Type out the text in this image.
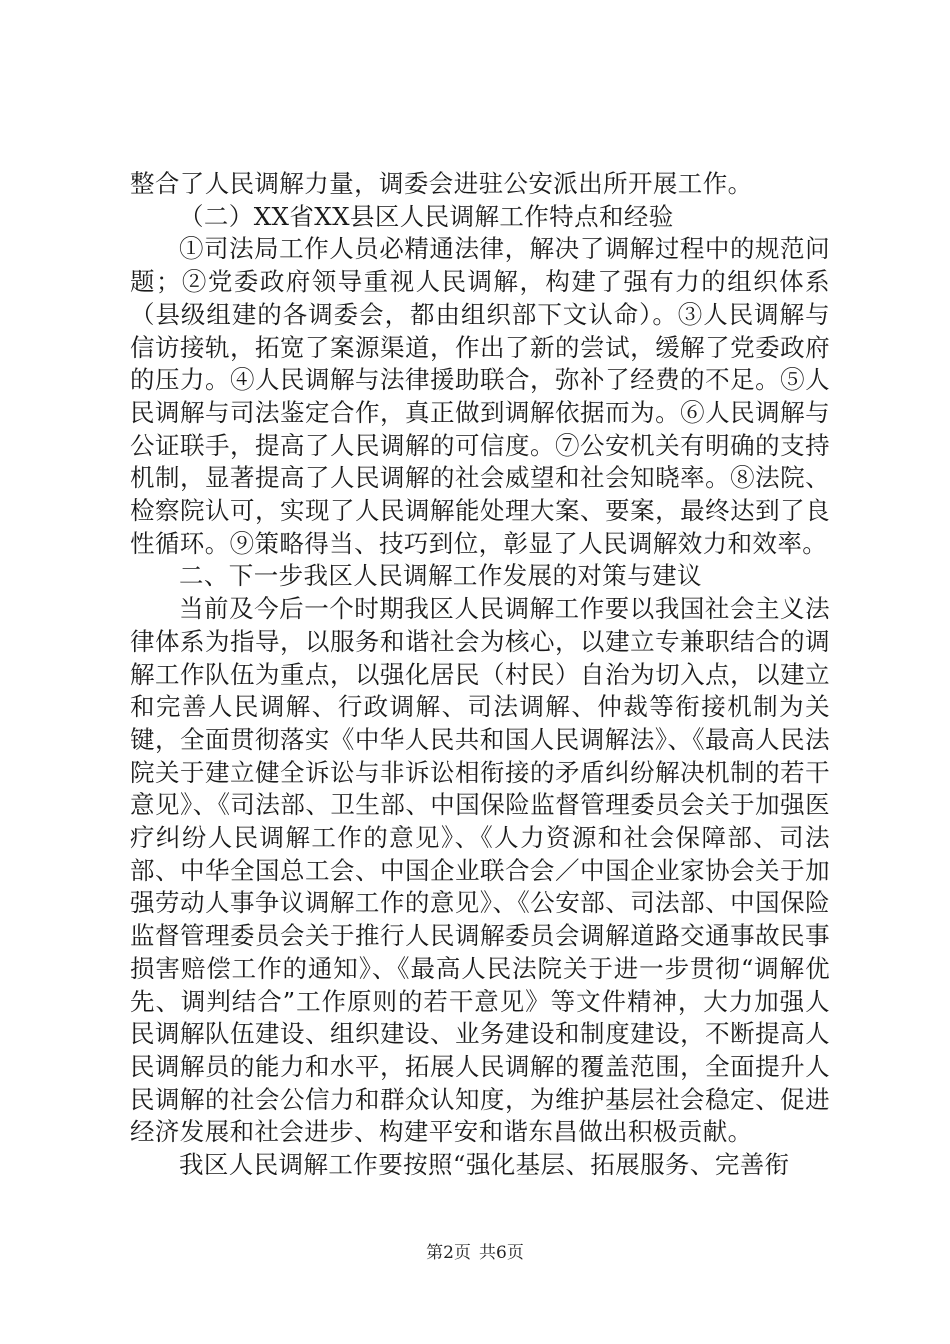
整合了人民调解力量，调委会进驻公安派出所开展工作。

（二）XX省XX县区人民调解工作特点和经验

①司法局工作人员必精通法律，解决了调解过程中的规范问题；②党委政府领导重视人民调解，构建了强有力的组织体系（县级组建的各调委会，都由组织部下文认命）。③人民调解与信访接轨，拓宽了案源渠道，作出了新的尝试，缓解了党委政府的压力。④人民调解与法律援助联合，弥补了经费的不足。⑤人民调解与司法鉴定合作，真正做到调解依据而为。⑥人民调解与公证联手，提高了人民调解的可信度。⑦公安机关有明确的支持机制，显著提高了人民调解的社会威望和社会知晓率。⑧法院、检察院认可，实现了人民调解能处理大案、要案，最终达到了良性循环。⑨策略得当、技巧到位，彰显了人民调解效力和效率。

二、下一步我区人民调解工作发展的对策与建议

当前及今后一个时期我区人民调解工作要以我国社会主义法律体系为指导，以服务和谐社会为核心，以建立专兼职结合的调解工作队伍为重点，以强化居民（村民）自治为切入点，以建立和完善人民调解、行政调解、司法调解、仲裁等衔接机制为关键，全面贯彻落实《中华人民共和国人民调解法》、《最高人民法院关于建立健全诉讼与非诉讼相衔接的矛盾纠纷解决机制的若干意见》、《司法部、卫生部、中国保险监督管理委员会关于加强医疗纠纷人民调解工作的意见》、《人力资源和社会保障部、司法部、中华全国总工会、中国企业联合会／中国企业家协会关于加强劳动人事争议调解工作的意见》、《公安部、司法部、中国保险监督管理委员会关于推行人民调解委员会调解道路交通事故民事损害赔偿工作的通知》、《最高人民法院关于进一步贯彻“调解优先、调判结合”工作原则的若干意见》等文件精神，大力加强人民调解队伍建设、组织建设、业务建设和制度建设，不断提高人民调解员的能力和水平，拓展人民调解的覆盖范围，全面提升人民调解的社会公信力和群众认知度，为维护基层社会稳定、促进经济发展和社会进步、构建平安和谐东昌做出积极贡献。

我区人民调解工作要按照“强化基层、拓展服务、完善衔

第2页 共6页
